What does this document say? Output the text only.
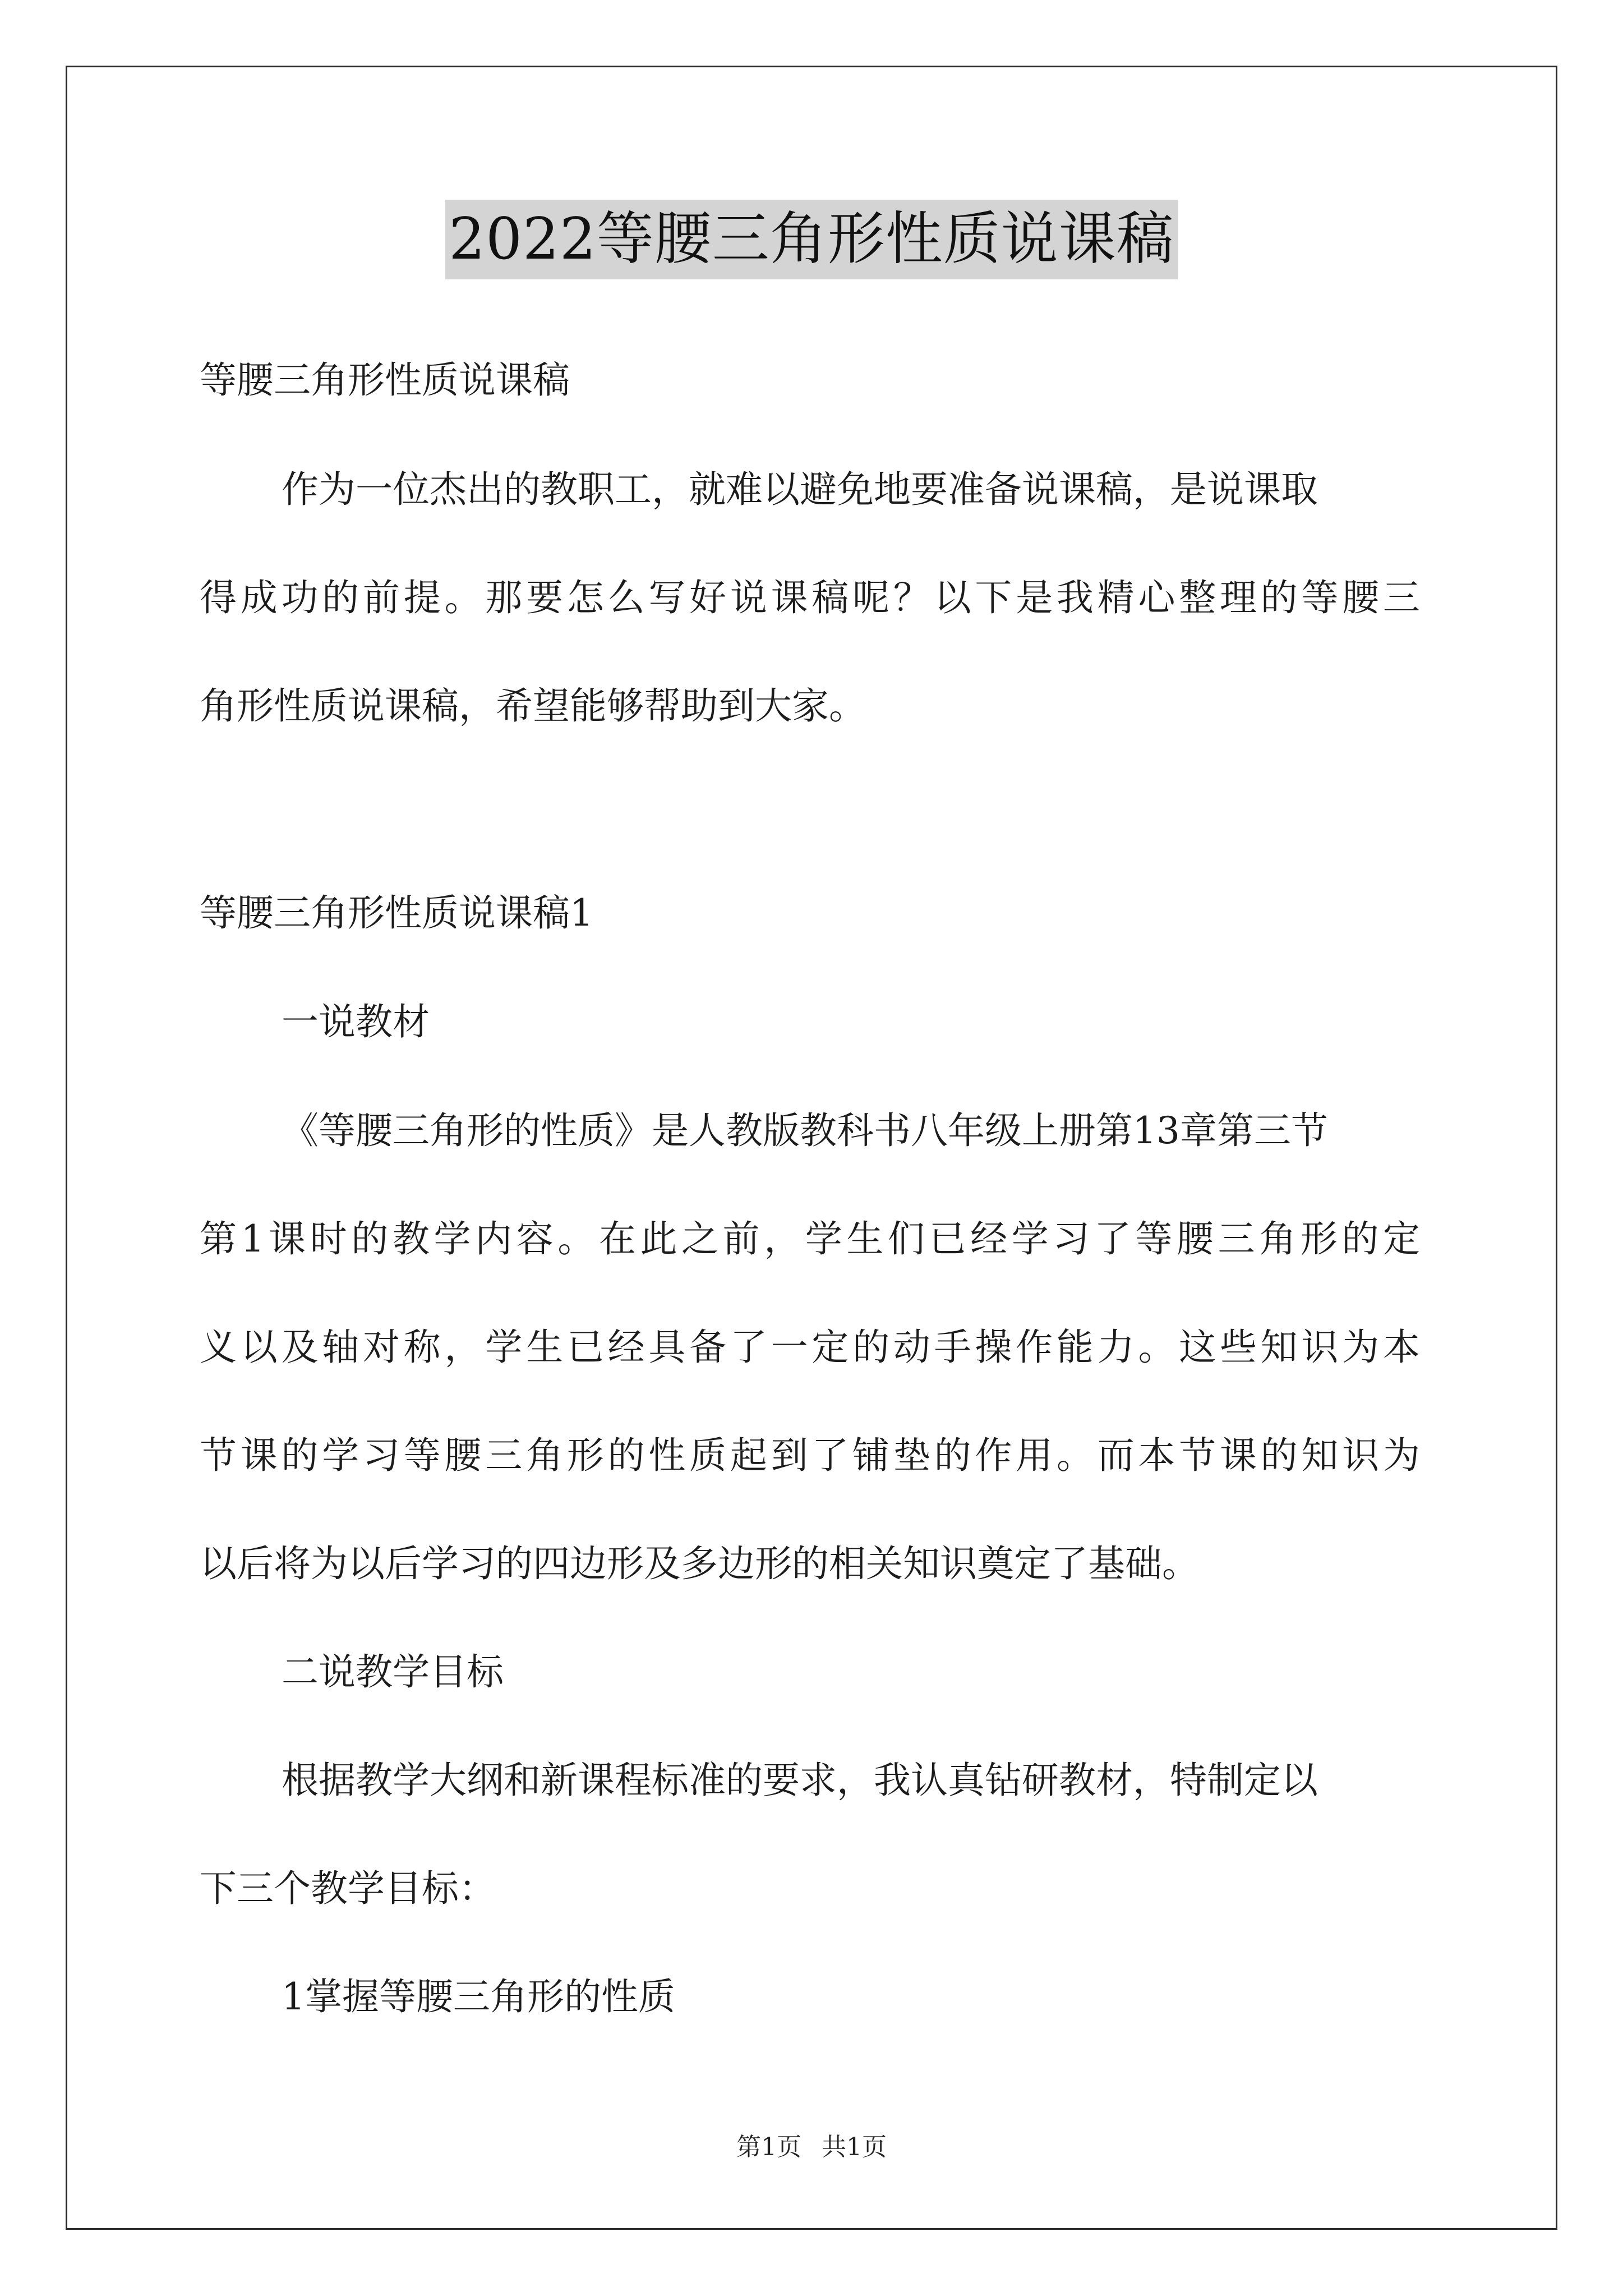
2022等腰三角形性质说课稿
等腰三角形性质说课稿
作为一位杰出的教职工，就难以避免地要准备说课稿，是说课取
得成功的前提。那要怎么写好说课稿呢？以下是我精心整理的等腰三
角形性质说课稿，希望能够帮助到大家。
等腰三角形性质说课稿1
一说教材
《等腰三角形的性质》是人教版教科书八年级上册第13章第三节
第1课时的教学内容。在此之前，学生们已经学习了等腰三角形的定
义以及轴对称，学生已经具备了一定的动手操作能力。这些知识为本
节课的学习等腰三角形的性质起到了铺垫的作用。而本节课的知识为
以后将为以后学习的四边形及多边形的相关知识奠定了基础。
二说教学目标
根据教学大纲和新课程标准的要求，我认真钻研教材，特制定以
下三个教学目标：
1掌握等腰三角形的性质
第1页 共1页
